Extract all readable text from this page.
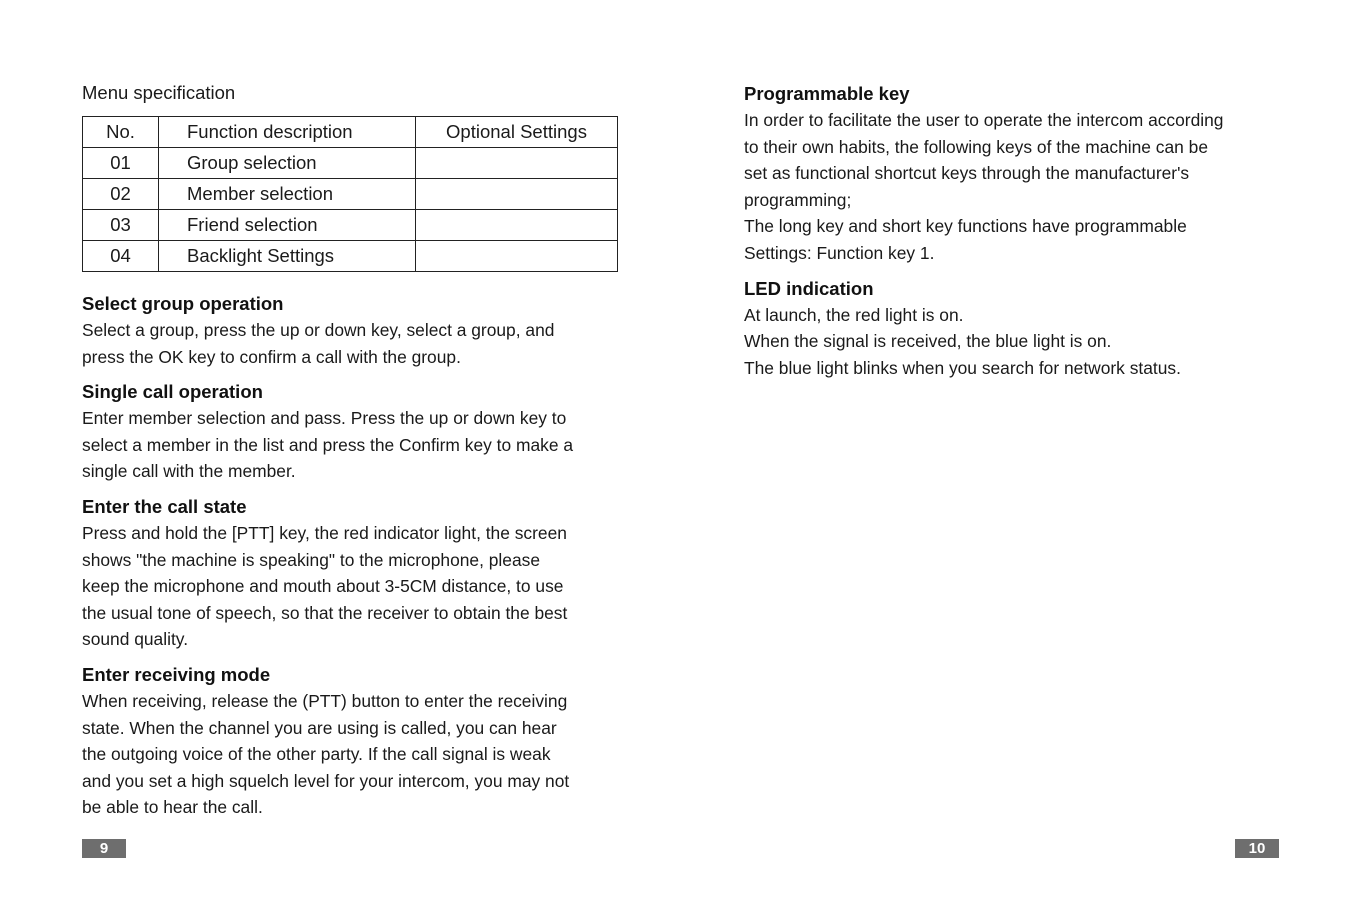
Menu specification
No.	Function description	Optional Settings
01	Group selection	
02	Member selection	
03	Friend selection	
04	Backlight Settings	
Select group operation

Select a group, press the up or down key, select a group, and
press the OK key to confirm a call with the group.

Single call operation

Enter member selection and pass. Press the up or down key to
select a member in the list and press the Confirm key to make a
single call with the member.

Enter the call state

Press and hold the [PTT] key, the red indicator light, the screen
shows "the machine is speaking" to the microphone, please
keep the microphone and mouth about 3-5CM distance, to use
the usual tone of speech, so that the receiver to obtain the best
sound quality.

Enter receiving mode

When receiving, release the (PTT) button to enter the receiving
state. When the channel you are using is called, you can hear
the outgoing voice of the other party. If the call signal is weak
and you set a high squelch level for your intercom, you may not
be able to hear the call.

Programmable key

In order to facilitate the user to operate the intercom according
to their own habits, the following keys of the machine can be
set as functional shortcut keys through the manufacturer's
programming;
The long key and short key functions have programmable
Settings: Function key 1.

LED indication

At launch, the red light is on.
When the signal is received, the blue light is on.
The blue light blinks when you search for network status.

9	10
